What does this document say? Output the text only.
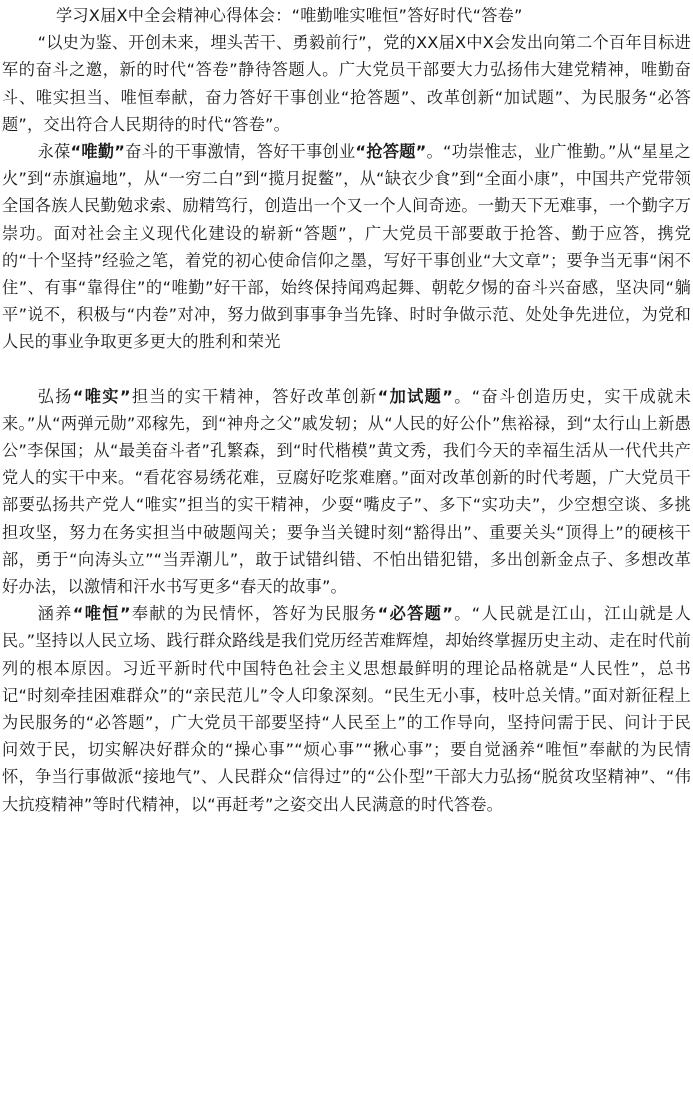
学习X届X中全会精神心得体会：“唯勤唯实唯恒”答好时代“答卷”

“以史为鉴、开创未来，埋头苦干、勇毅前行”，党的XX届X中X会发出向第二个百年目标进军的奋斗之邀，新的时代“答卷”静待答题人。广大党员干部要大力弘扬伟大建党精神，唯勤奋斗、唯实担当、唯恒奉献，奋力答好干事创业“抢答题”、改革创新“加试题”、为民服务“必答题”，交出符合人民期待的时代“答卷”。

永葆“唯勤”奋斗的干事激情，答好干事创业“抢答题”。“功崇惟志，业广惟勤。”从“星星之火”到“赤旗遍地”，从“一穷二白”到“揽月捉鳖”，从“缺衣少食”到“全面小康”，中国共产党带领全国各族人民勤勉求索、励精笃行，创造出一个又一个人间奇迹。一勤天下无难事，一个勤字万崇功。面对社会主义现代化建设的崭新“答题”，广大党员干部要敢于抢答、勤于应答，携党的“十个坚持”经验之笔，着党的初心使命信仰之墨，写好干事创业“大文章”；要争当无事“闲不住”、有事“靠得住”的“唯勤”好干部，始终保持闻鸡起舞、朝乾夕惕的奋斗兴奋感，坚决同“躺平”说不，积极与“内卷”对冲，努力做到事事争当先锋、时时争做示范、处处争先进位，为党和人民的事业争取更多更大的胜利和荣光

弘扬“唯实”担当的实干精神，答好改革创新“加试题”。“奋斗创造历史，实干成就未来。”从“两弹元勋”邓稼先，到“神舟之父”戚发轫；从“人民的好公仆”焦裕禄，到“太行山上新愚公”李保国；从“最美奋斗者”孔繁森，到“时代楷模”黄文秀，我们今天的幸福生活从一代代共产党人的实干中来。“看花容易绣花难，豆腐好吃浆难磨。”面对改革创新的时代考题，广大党员干部要弘扬共产党人“唯实”担当的实干精神，少耍“嘴皮子”、多下“实功夫”，少空想空谈、多挑担攻坚，努力在务实担当中破题闯关；要争当关键时刻“豁得出”、重要关头“顶得上”的硬核干部，勇于“向涛头立”“当弄潮儿”，敢于试错纠错、不怕出错犯错，多出创新金点子、多想改革好办法，以激情和汗水书写更多“春天的故事”。

涵养“唯恒”奉献的为民情怀，答好为民服务“必答题”。“人民就是江山，江山就是人民。”坚持以人民立场、践行群众路线是我们党历经苦难辉煌，却始终掌握历史主动、走在时代前列的根本原因。习近平新时代中国特色社会主义思想最鲜明的理论品格就是“人民性”，总书记“时刻牵挂困难群众”的“亲民范儿”令人印象深刻。“民生无小事，枝叶总关情。”面对新征程上为民服务的“必答题”，广大党员干部要坚持“人民至上”的工作导向，坚持问需于民、问计于民问效于民，切实解决好群众的“操心事”“烦心事”“揪心事”；要自觉涵养“唯恒”奉献的为民情怀，争当行事做派“接地气”、人民群众“信得过”的“公仆型”干部大力弘扬“脱贫攻坚精神”、“伟大抗疫精神”等时代精神，以“再赶考”之姿交出人民满意的时代答卷。
